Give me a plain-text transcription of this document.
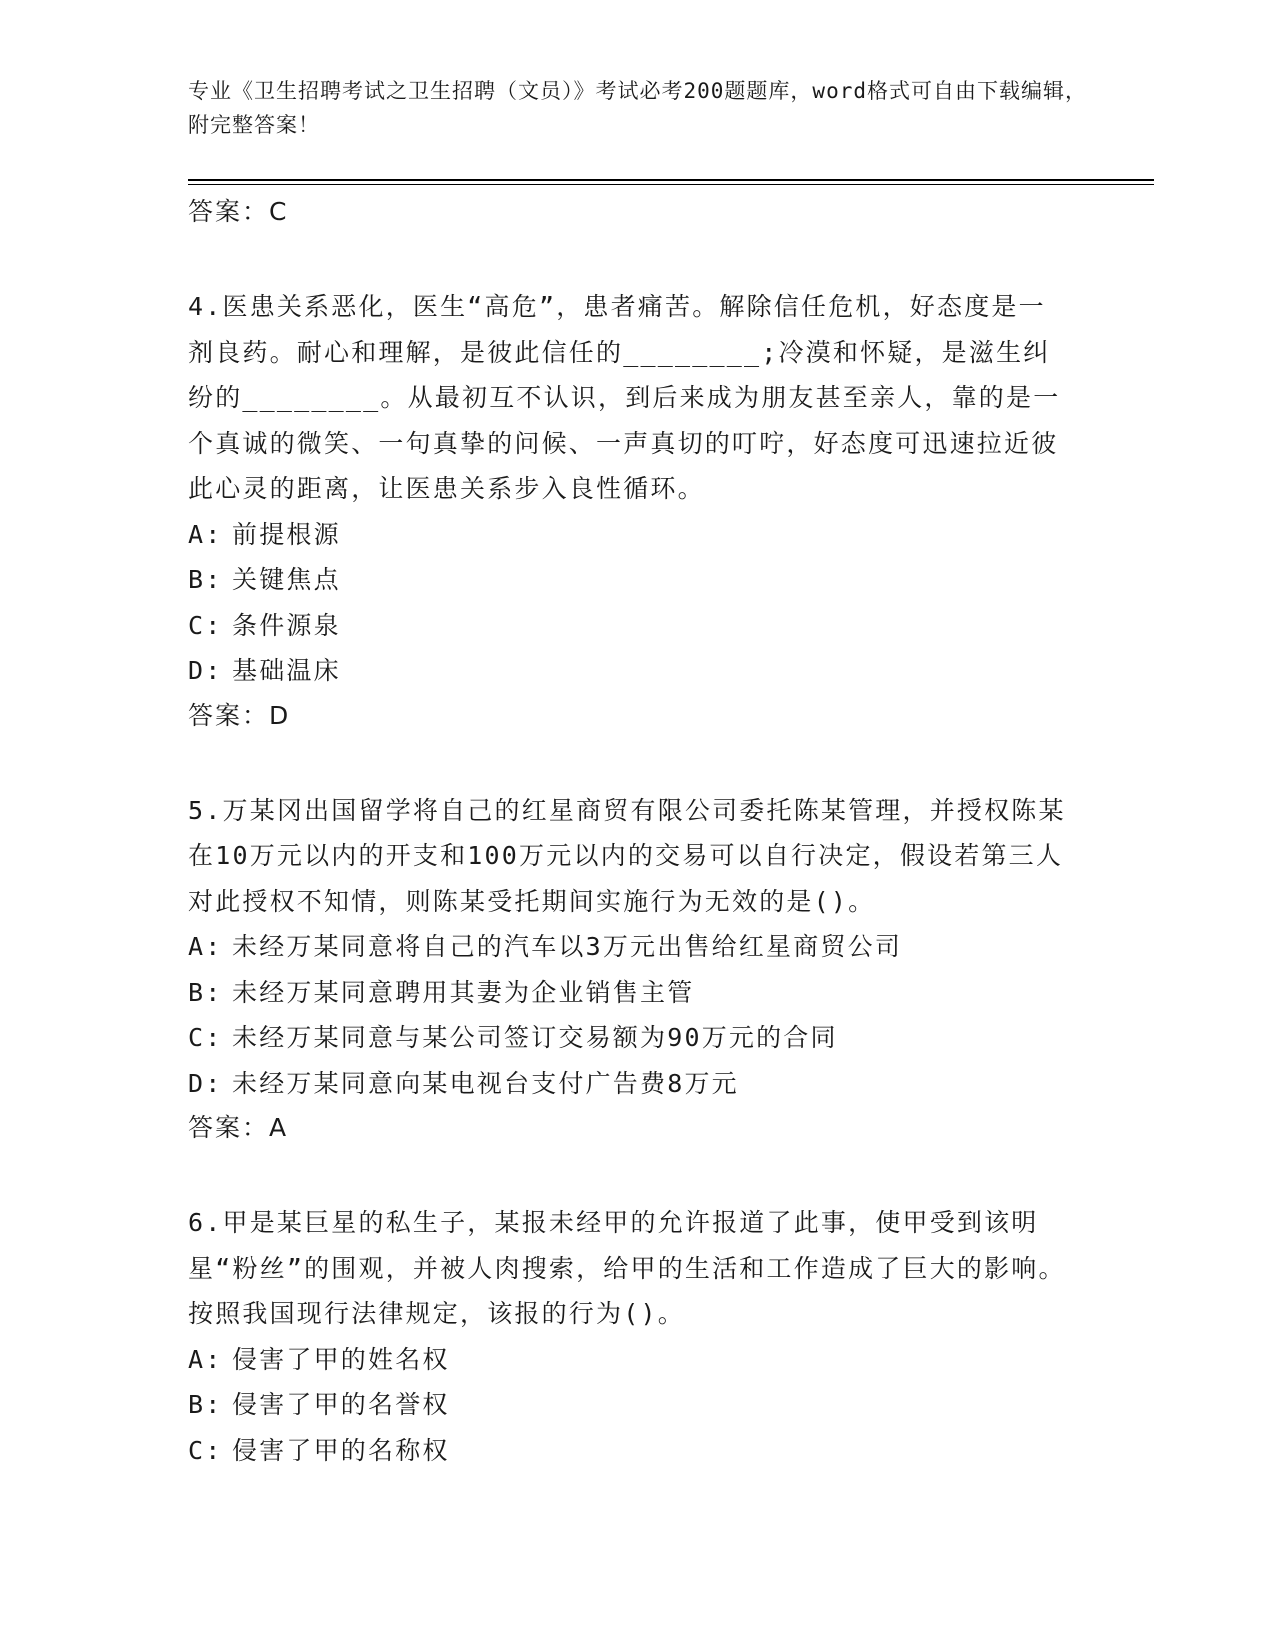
专业《卫生招聘考试之卫生招聘（文员）》考试必考200题题库，word格式可自由下载编辑，附完整答案！
答案：C
4.医患关系恶化，医生“高危”，患者痛苦。解除信任危机，好态度是一剂良药。耐心和理解，是彼此信任的________;冷漠和怀疑，是滋生纠纷的________。从最初互不认识，到后来成为朋友甚至亲人，靠的是一个真诚的微笑、一句真挚的问候、一声真切的叮咛，好态度可迅速拉近彼此心灵的距离，让医患关系步入良性循环。
A: 前提根源
B: 关键焦点
C: 条件源泉
D: 基础温床
答案：D
5.万某冈出国留学将自己的红星商贸有限公司委托陈某管理，并授权陈某在10万元以内的开支和100万元以内的交易可以自行决定，假设若第三人对此授权不知情，则陈某受托期间实施行为无效的是()。
A: 未经万某同意将自己的汽车以3万元出售给红星商贸公司
B: 未经万某同意聘用其妻为企业销售主管
C: 未经万某同意与某公司签订交易额为90万元的合同
D: 未经万某同意向某电视台支付广告费8万元
答案：A
6.甲是某巨星的私生子，某报未经甲的允许报道了此事，使甲受到该明星“粉丝”的围观，并被人肉搜索，给甲的生活和工作造成了巨大的影响。按照我国现行法律规定，该报的行为()。
A: 侵害了甲的姓名权
B: 侵害了甲的名誉权
C: 侵害了甲的名称权
